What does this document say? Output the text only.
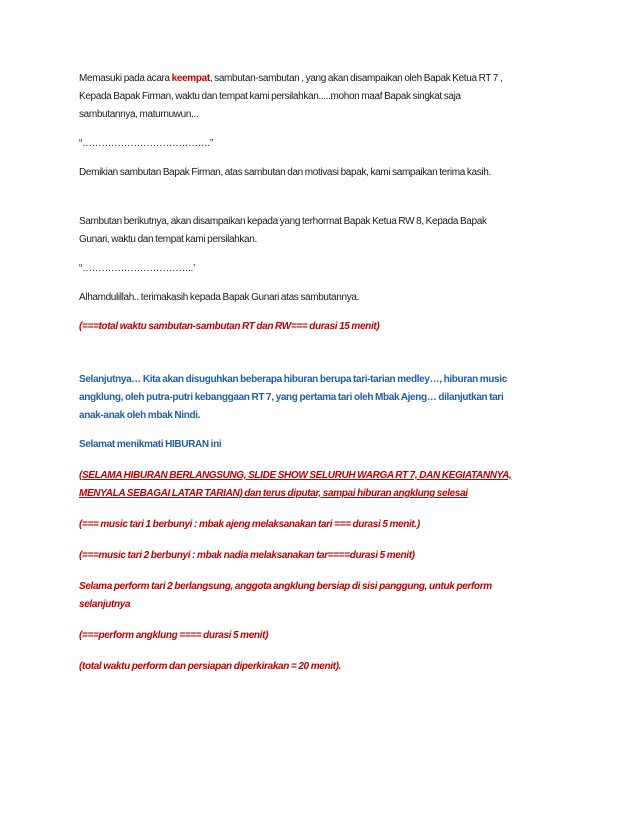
Memasuki pada acara keempat, sambutan-sambutan , yang akan disampaikan oleh Bapak Ketua RT 7 ,
Kepada Bapak Firman, waktu dan tempat kami persilahkan.....mohon maaf Bapak singkat saja
sambutannya, maturnuwun...

“………………………………….”

Demikian sambutan Bapak Firman, atas sambutan dan motivasi bapak, kami sampaikan terima kasih.

Sambutan berikutnya, akan disampaikan kepada yang terhormat Bapak Ketua RW 8, Kepada Bapak
Gunari, waktu dan tempat kami persilahkan.

“……………………………..’

Alhamdulillah.. terimakasih kepada Bapak Gunari atas sambutannya.

(===total waktu sambutan-sambutan RT dan RW=== durasi 15 menit)

Selanjutnya… Kita akan disuguhkan beberapa hiburan berupa tari-tarian medley…, hiburan music
angklung, oleh putra-putri kebanggaan RT 7, yang pertama tari oleh Mbak Ajeng… dilanjutkan tari
anak-anak oleh mbak Nindi.

Selamat menikmati HIBURAN ini

(SELAMA HIBURAN BERLANGSUNG, SLIDE SHOW SELURUH WARGA RT 7, DAN KEGIATANNYA,
MENYALA SEBAGAI LATAR TARIAN) dan terus diputar, sampai hiburan angklung selesai

(=== music tari 1 berbunyi : mbak ajeng melaksanakan tari === durasi 5 menit.)

(===music tari 2 berbunyi : mbak nadia melaksanakan tar====durasi 5 menit)

Selama perform tari 2 berlangsung, anggota angklung bersiap di sisi panggung, untuk perform
selanjutnya

(===perform angklung ==== durasi 5 menit)

(total waktu perform dan persiapan diperkirakan = 20 menit).
